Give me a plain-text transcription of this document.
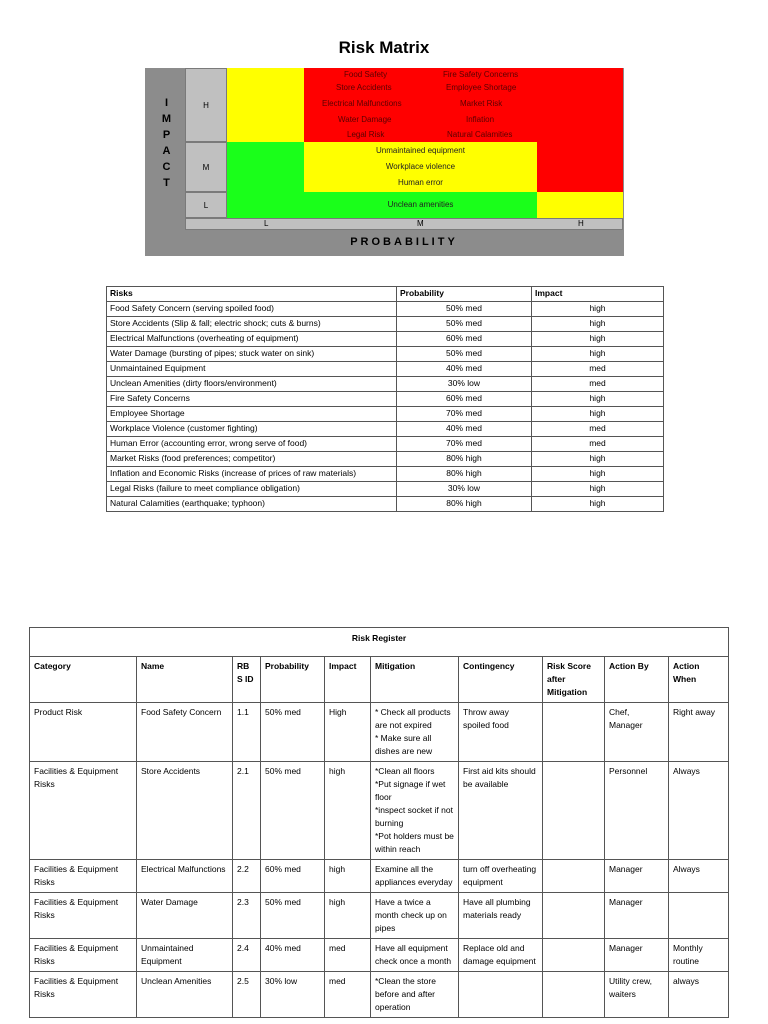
Risk Matrix
I
M
P
A
C
T
H
M
L
Food Safety
Store Accidents
Electrical Malfunctions
Water Damage
Legal Risk
Fire Safety Concerns
Employee Shortage
Market Risk
Inflation
Natural Calamities
Unmaintained equipment
Workplace violence
Human error
Unclean amenities
L	M	H
PROBABILITY
Risks	Probability	Impact
Food Safety Concern (serving spoiled food)	50% med	high
Store Accidents (Slip & fall; electric shock; cuts & burns)	50% med	high
Electrical Malfunctions (overheating of equipment)	60% med	high
Water Damage (bursting of pipes; stuck water on sink)	50% med	high
Unmaintained Equipment	40% med	med
Unclean Amenities (dirty floors/environment)	30% low	med
Fire Safety Concerns	60% med	high
Employee Shortage	70% med	high
Workplace Violence (customer fighting)	40% med	med
Human Error (accounting error, wrong serve of food)	70% med	med
Market Risks (food preferences; competitor)	80% high	high
Inflation and Economic Risks (increase of prices of raw materials)	80% high	high
Legal Risks (failure to meet compliance obligation)	30% low	high
Natural Calamities (earthquake; typhoon)	80% high	high
Risk Register									
Category	Name	RB S ID	Probability	Impact	Mitigation	Contingency	Risk Score after Mitigation	Action By	Action When
Product Risk	Food Safety Concern	1.1	50% med	High	* Check all products are not expired
* Make sure all dishes are new	Throw away spoiled food		Chef, Manager	Right away
Facilities & Equipment Risks	Store Accidents	2.1	50% med	high	*Clean all floors
*Put signage if wet floor
*inspect socket if not burning
*Pot holders must be within reach	First aid kits should be available		Personnel	Always
Facilities & Equipment Risks	Electrical Malfunctions	2.2	60% med	high	Examine all the appliances everyday	turn off overheating equipment		Manager	Always
Facilities & Equipment Risks	Water Damage	2.3	50% med	high	Have a twice a month check up on pipes	Have all plumbing materials ready		Manager	
Facilities & Equipment Risks	Unmaintained Equipment	2.4	40% med	med	Have all equipment check once a month	Replace old and damage equipment		Manager	Monthly routine
Facilities & Equipment Risks	Unclean Amenities	2.5	30% low	med	*Clean the store before and after operation			Utility crew, waiters	always
